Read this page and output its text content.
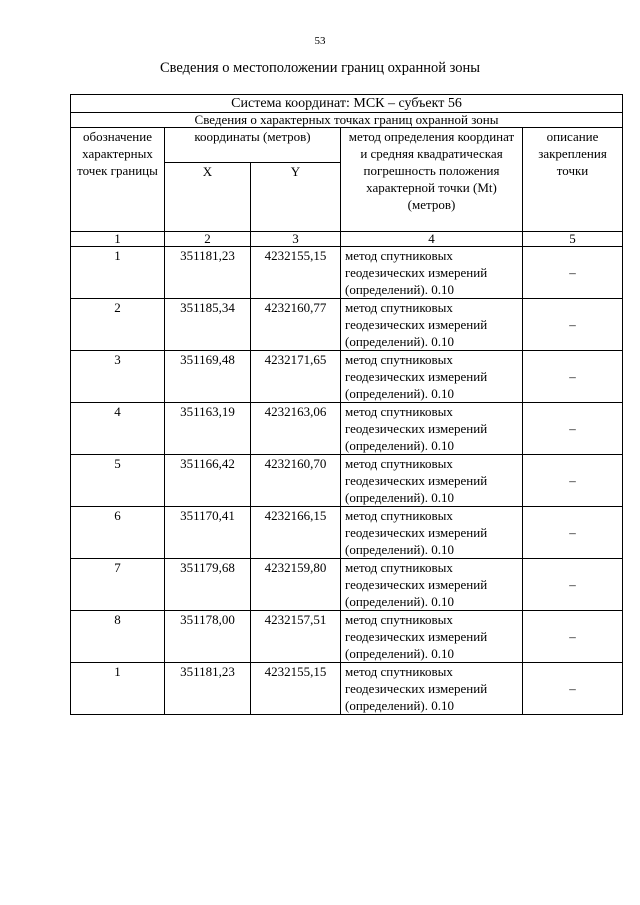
53
Сведения о местоположении границ охранной зоны
Система координат: МСК – субъект 56				
Сведения о характерных точках границ охранной зоны				
обозначение характерных точек границы	координаты (метров)		метод определения координат и средняя квадратическая погрешность положения характерной точки (Mt) (метров)	описание закрепления точки
	X	Y		
1	2	3	4	5
1	351181,23	4232155,15	метод спутниковых геодезических измерений (определений). 0.10	–
2	351185,34	4232160,77	метод спутниковых геодезических измерений (определений). 0.10	–
3	351169,48	4232171,65	метод спутниковых геодезических измерений (определений). 0.10	–
4	351163,19	4232163,06	метод спутниковых геодезических измерений (определений). 0.10	–
5	351166,42	4232160,70	метод спутниковых геодезических измерений (определений). 0.10	–
6	351170,41	4232166,15	метод спутниковых геодезических измерений (определений). 0.10	–
7	351179,68	4232159,80	метод спутниковых геодезических измерений (определений). 0.10	–
8	351178,00	4232157,51	метод спутниковых геодезических измерений (определений). 0.10	–
1	351181,23	4232155,15	метод спутниковых геодезических измерений (определений). 0.10	–
